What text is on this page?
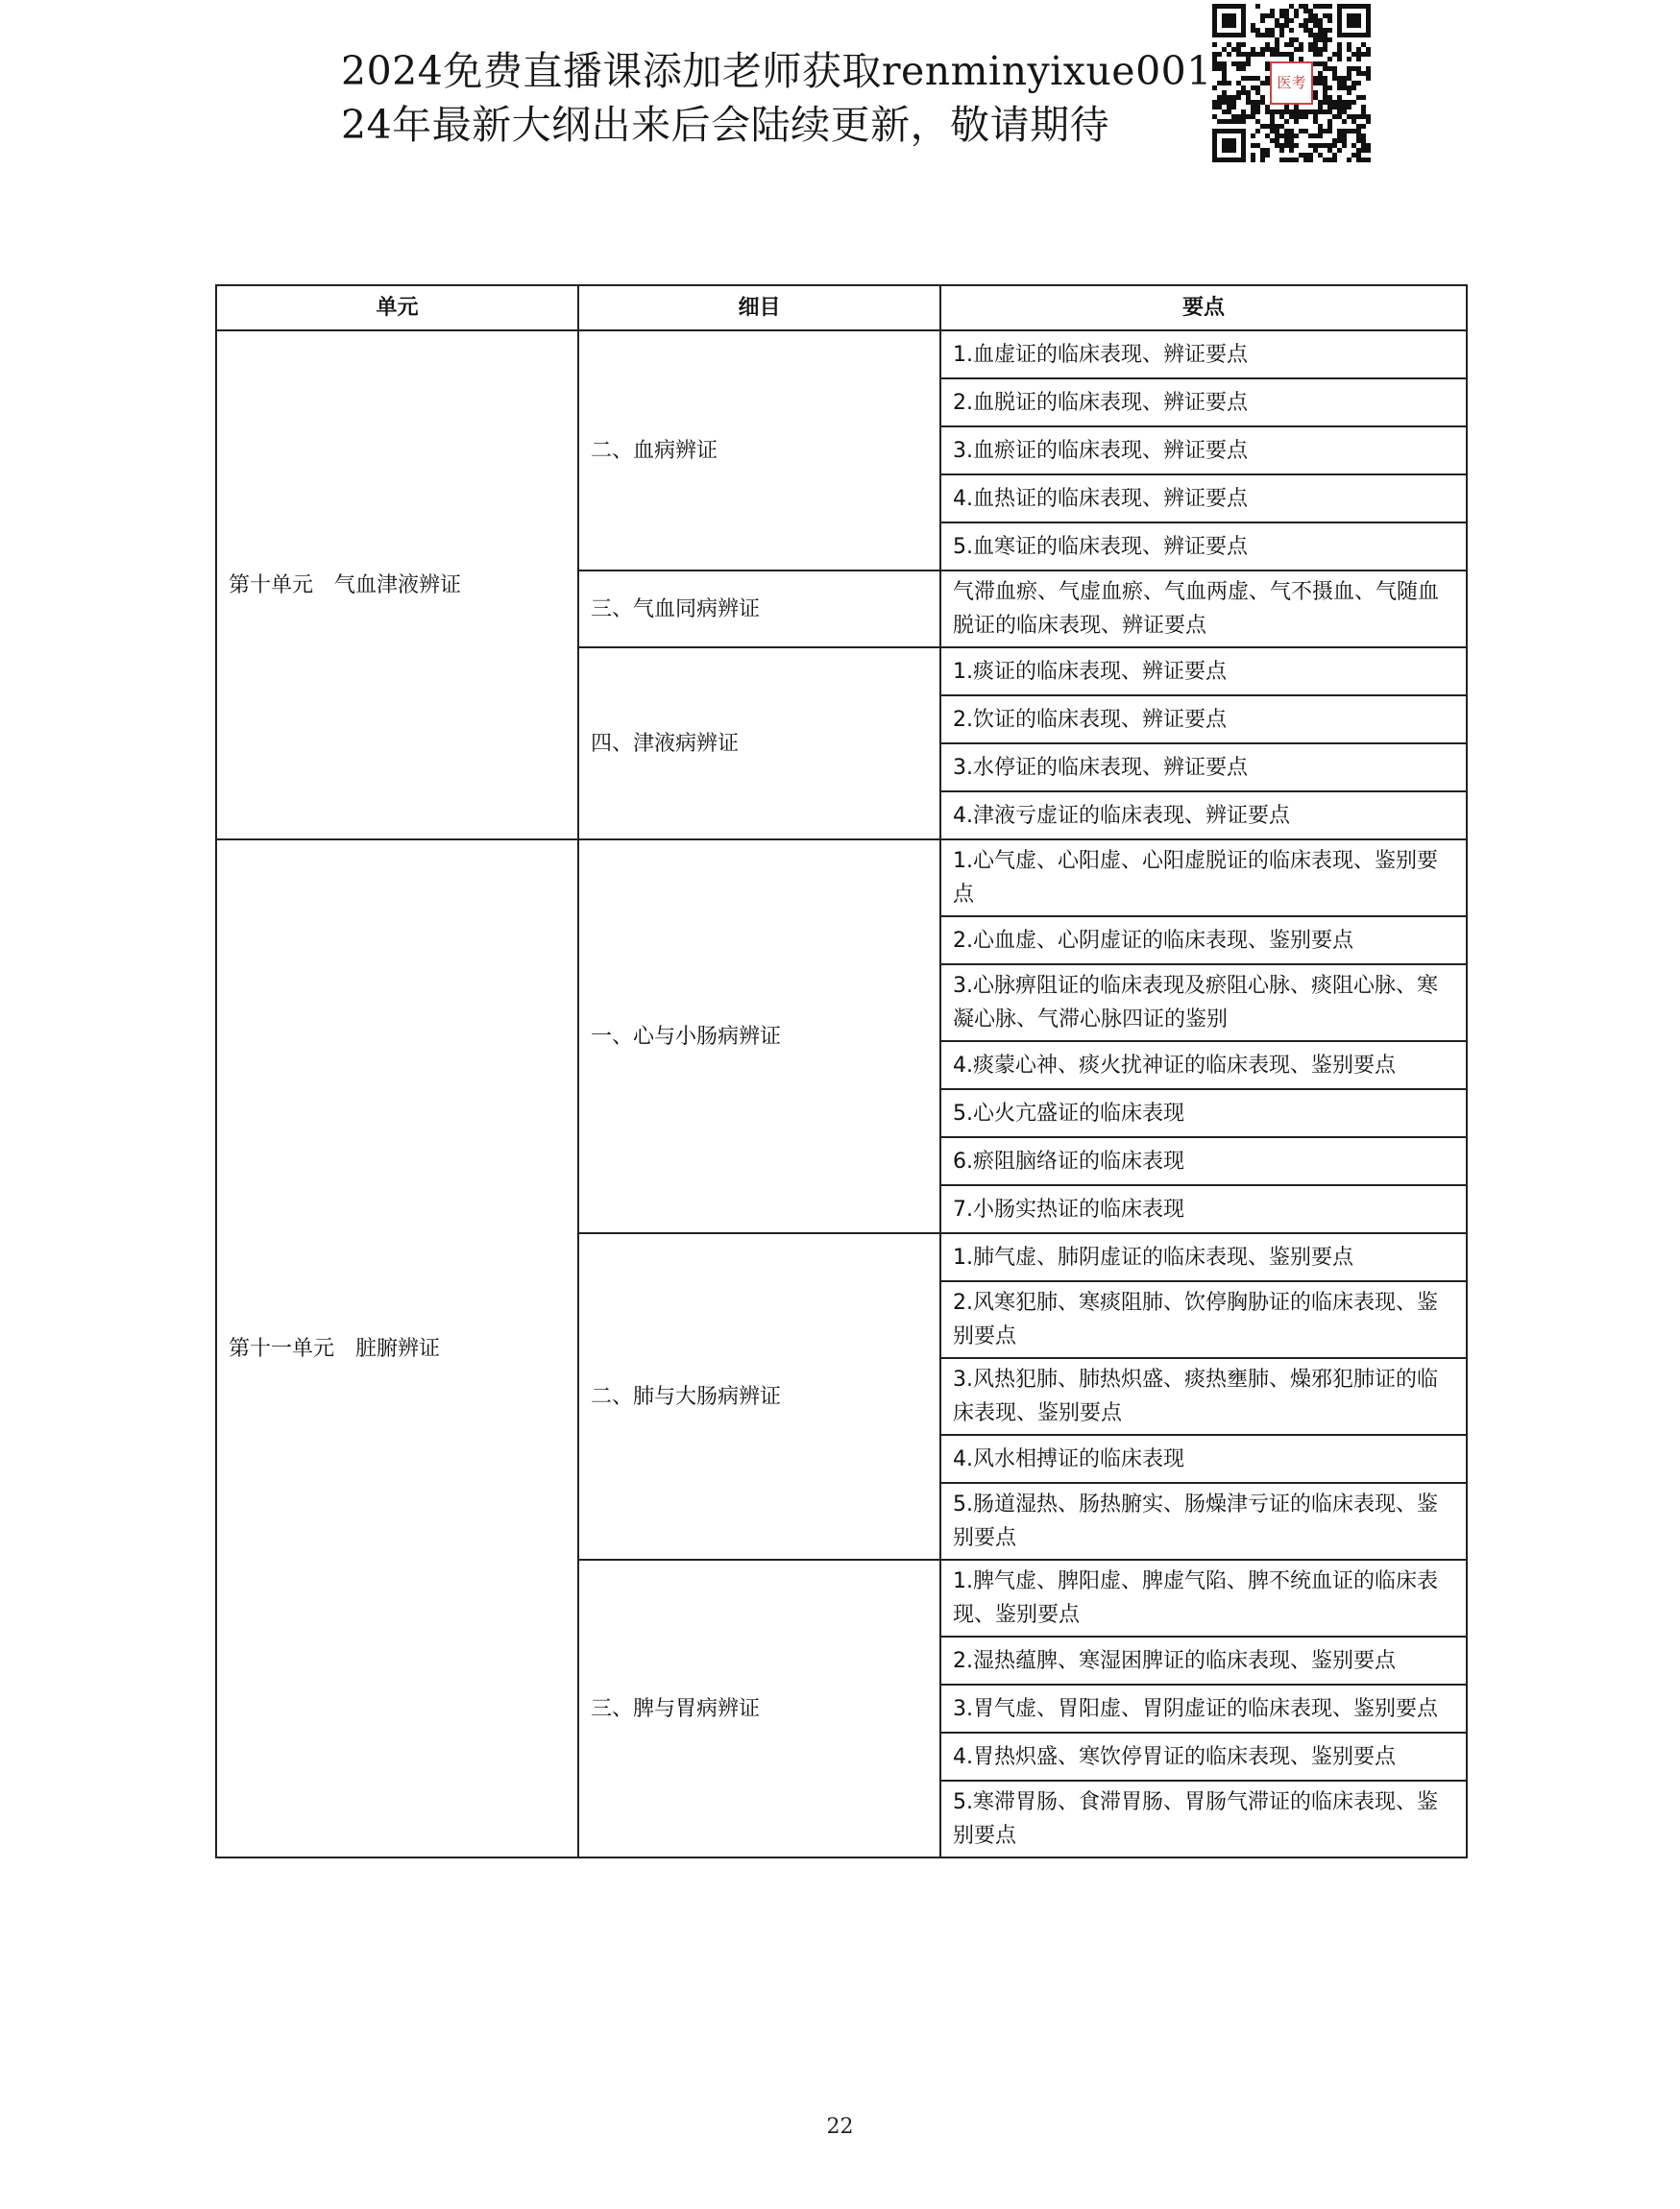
2024免费直播课添加老师获取renminyixue001
24年最新大纲出来后会陆续更新，敬请期待
医考
单元	细目	要点
第十单元　气血津液辨证	二、血病辨证	1.血虚证的临床表现、辨证要点
		2.血脱证的临床表现、辨证要点
		3.血瘀证的临床表现、辨证要点
		4.血热证的临床表现、辨证要点
		5.血寒证的临床表现、辨证要点
	三、气血同病辨证	气滞血瘀、气虚血瘀、气血两虚、气不摄血、气随血脱证的临床表现、辨证要点
	四、津液病辨证	1.痰证的临床表现、辨证要点
		2.饮证的临床表现、辨证要点
		3.水停证的临床表现、辨证要点
		4.津液亏虚证的临床表现、辨证要点
第十一单元　脏腑辨证	一、心与小肠病辨证	1.心气虚、心阳虚、心阳虚脱证的临床表现、鉴别要点
		2.心血虚、心阴虚证的临床表现、鉴别要点
		3.心脉痹阻证的临床表现及瘀阻心脉、痰阻心脉、寒凝心脉、气滞心脉四证的鉴别
		4.痰蒙心神、痰火扰神证的临床表现、鉴别要点
		5.心火亢盛证的临床表现
		6.瘀阻脑络证的临床表现
		7.小肠实热证的临床表现
	二、肺与大肠病辨证	1.肺气虚、肺阴虚证的临床表现、鉴别要点
		2.风寒犯肺、寒痰阻肺、饮停胸胁证的临床表现、鉴别要点
		3.风热犯肺、肺热炽盛、痰热壅肺、燥邪犯肺证的临床表现、鉴别要点
		4.风水相搏证的临床表现
		5.肠道湿热、肠热腑实、肠燥津亏证的临床表现、鉴别要点
	三、脾与胃病辨证	1.脾气虚、脾阳虚、脾虚气陷、脾不统血证的临床表现、鉴别要点
		2.湿热蕴脾、寒湿困脾证的临床表现、鉴别要点
		3.胃气虚、胃阳虚、胃阴虚证的临床表现、鉴别要点
		4.胃热炽盛、寒饮停胃证的临床表现、鉴别要点
		5.寒滞胃肠、食滞胃肠、胃肠气滞证的临床表现、鉴别要点
22
